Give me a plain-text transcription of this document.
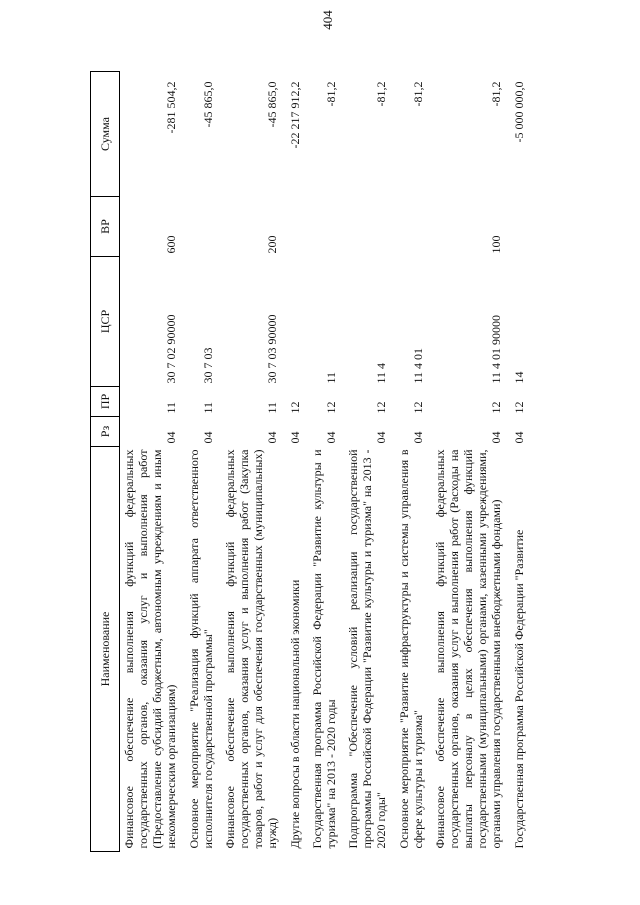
404
Наименование	Рз	ПР	ЦСР	ВР	Сумма
Финансовое обеспечение выполнения функций федеральных государственных органов, оказания услуг и выполнения работ (Предоставление субсидий бюджетным, автономным учреждениям и иным некоммерческим организациям)	04	11	30 7 02 90000	600	-281 504,2
Основное мероприятие "Реализация функций аппарата ответственного исполнителя государственной программы"	04	11	30 7 03		-45 865,0
Финансовое обеспечение выполнения функций федеральных государственных органов, оказания услуг и выполнения работ (Закупка товаров, работ и услуг для обеспечения государственных (муниципальных) нужд)	04	11	30 7 03 90000	200	-45 865,0
Другие вопросы в области национальной экономики	04	12			-22 217 912,2
Государственная программа Российской Федерации "Развитие культуры и туризма" на 2013 - 2020 годы	04	12	11		-81,2
Подпрограмма "Обеспечение условий реализации государственной программы Российской Федерации "Развитие культуры и туризма" на 2013 - 2020 годы"	04	12	11 4		-81,2
Основное мероприятие "Развитие инфраструктуры и системы управления в сфере культуры и туризма"	04	12	11 4 01		-81,2
Финансовое обеспечение выполнения функций федеральных государственных органов, оказания услуг и выполнения работ (Расходы на выплаты персоналу в целях обеспечения выполнения функций государственными (муниципальными) органами, казенными учреждениями, органами управления государственными внебюджетными фондами)	04	12	11 4 01 90000	100	-81,2
Государственная программа Российской Федерации "Развитие	04	12	14		-5 000 000,0
